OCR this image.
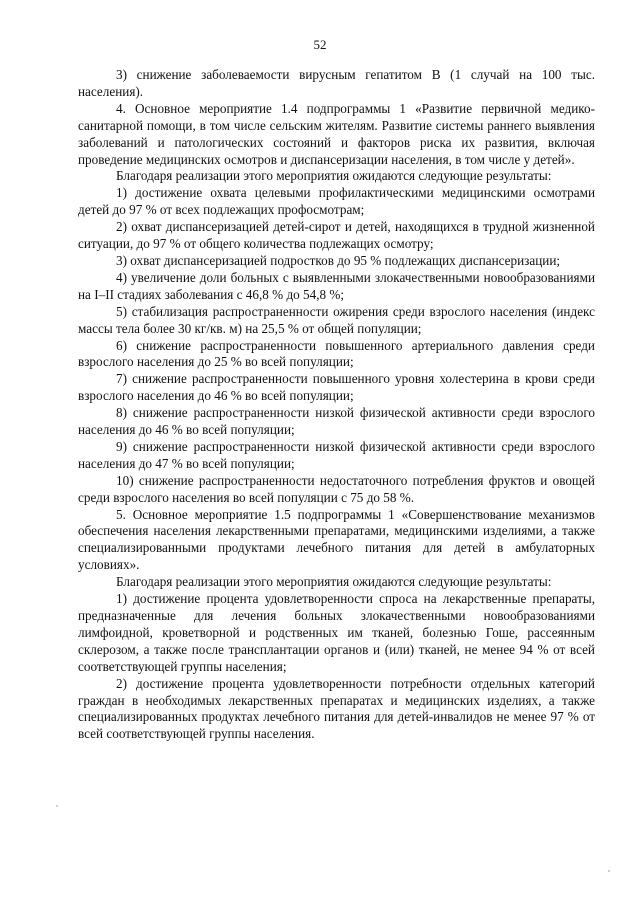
52

3) снижение заболеваемости вирусным гепатитом В (1 случай на 100 тыс. населения).

4. Основное мероприятие 1.4 подпрограммы 1 «Развитие первичной медико-санитарной помощи, в том числе сельским жителям. Развитие системы раннего выявления заболеваний и патологических состояний и факторов риска их развития, включая проведение медицинских осмотров и диспансеризации населения, в том числе у детей».

Благодаря реализации этого мероприятия ожидаются следующие результаты:

1) достижение охвата целевыми профилактическими медицинскими осмотрами детей до 97 % от всех подлежащих профосмотрам;

2) охват диспансеризацией детей-сирот и детей, находящихся в трудной жизненной ситуации, до 97 % от общего количества подлежащих осмотру;

3) охват диспансеризацией подростков до 95 % подлежащих диспансеризации;

4) увеличение доли больных с выявленными злокачественными новообразованиями на I–II стадиях заболевания с 46,8 % до 54,8 %;

5) стабилизация распространенности ожирения среди взрослого населения (индекс массы тела более 30 кг/кв. м) на 25,5 % от общей популяции;

6) снижение распространенности повышенного артериального давления среди взрослого населения до 25 % во всей популяции;

7) снижение распространенности повышенного уровня холестерина в крови среди взрослого населения до 46 % во всей популяции;

8) снижение распространенности низкой физической активности среди взрослого населения до 46 % во всей популяции;

9) снижение распространенности низкой физической активности среди взрослого населения до 47 % во всей популяции;

10) снижение распространенности недостаточного потребления фруктов и овощей среди взрослого населения во всей популяции с 75 до 58 %.

5. Основное мероприятие 1.5 подпрограммы 1 «Совершенствование механизмов обеспечения населения лекарственными препаратами, медицинскими изделиями, а также специализированными продуктами лечебного питания для детей в амбулаторных условиях».

Благодаря реализации этого мероприятия ожидаются следующие результаты:

1) достижение процента удовлетворенности спроса на лекарственные препараты, предназначенные для лечения больных злокачественными новообразованиями лимфоидной, кроветворной и родственных им тканей, болезнью Гоше, рассеянным склерозом, а также после трансплантации органов и (или) тканей, не менее 94 % от всей соответствующей группы населения;

2) достижение процента удовлетворенности потребности отдельных категорий граждан в необходимых лекарственных препаратах и медицинских изделиях, а также специализированных продуктах лечебного питания для детей-инвалидов не менее 97 % от всей соответствующей группы населения.
